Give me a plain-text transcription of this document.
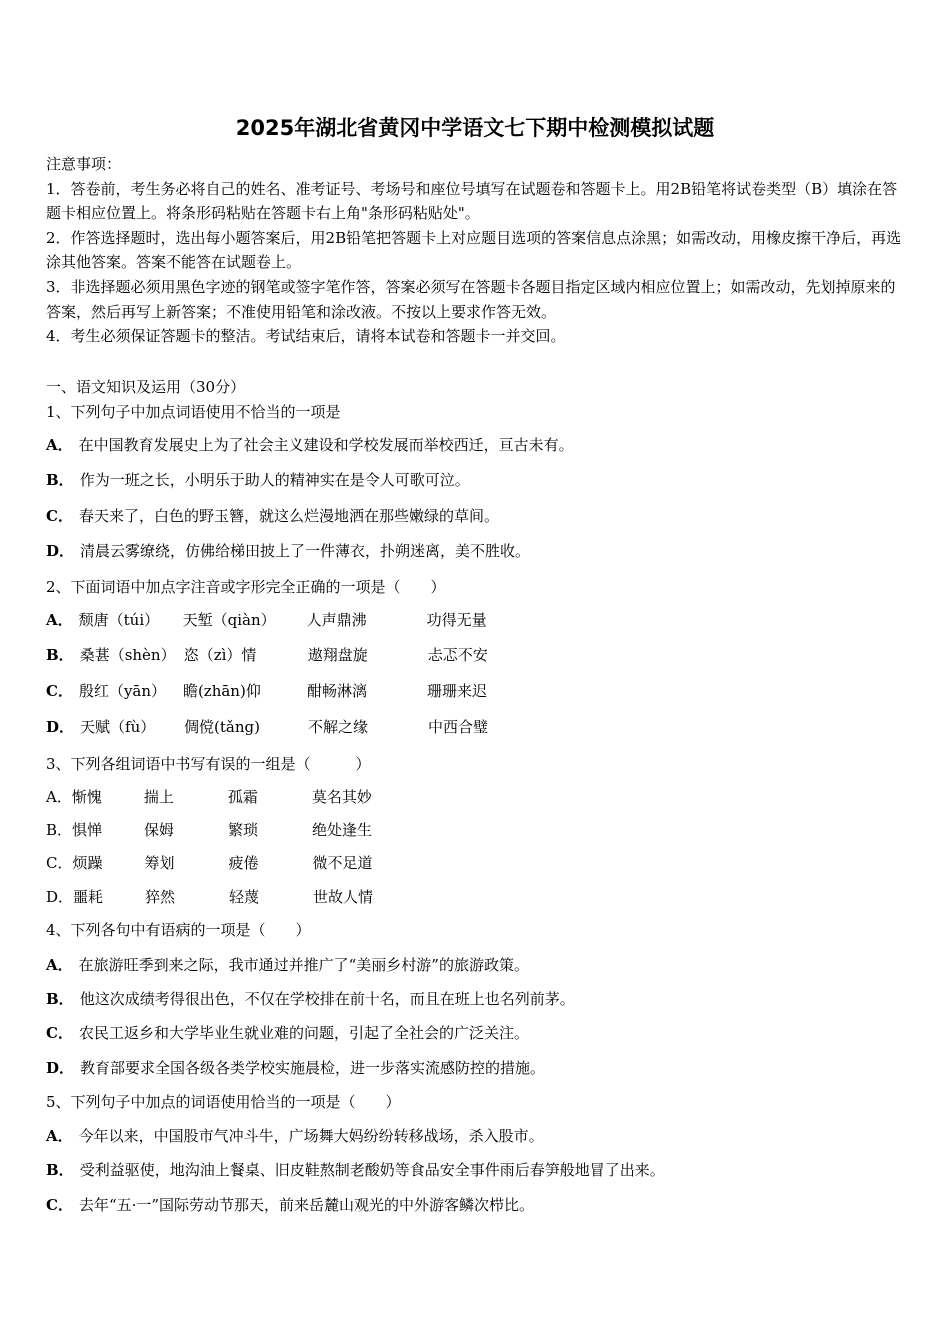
2025年湖北省黄冈中学语文七下期中检测模拟试题

注意事项：

1．答卷前，考生务必将自己的姓名、准考证号、考场号和座位号填写在试题卷和答题卡上。用2B铅笔将试卷类型（B）填涂在答题卡相应位置上。将条形码粘贴在答题卡右上角"条形码粘贴处"。

2．作答选择题时，选出每小题答案后，用2B铅笔把答题卡上对应题目选项的答案信息点涂黑；如需改动，用橡皮擦干净后，再选涂其他答案。答案不能答在试题卷上。

3．非选择题必须用黑色字迹的钢笔或签字笔作答，答案必须写在答题卡各题目指定区域内相应位置上；如需改动，先划掉原来的答案，然后再写上新答案；不准使用铅笔和涂改液。不按以上要求作答无效。

4．考生必须保证答题卡的整洁。考试结束后，请将本试卷和答题卡一并交回。

一、语文知识及运用（30分）
1、下列句子中加点词语使用不恰当的一项是
A． 在中国教育发展史上为了社会主义建设和学校发展而举校西迁，亘古未有。
B． 作为一班之长，小明乐于助人的精神实在是令人可歌可泣。
C． 春天来了，白色的野玉簪，就这么烂漫地洒在那些嫩绿的草间。
D． 清晨云雾缭绕，仿佛给梯田披上了一件薄衣，扑朔迷离，美不胜收。
2、下面词语中加点字注音或字形完全正确的一项是（　　）
A． 颓唐（túi） 天堑（qiàn） 人声鼎沸	功得无量
B． 桑葚（shèn） 恣（zì）情	遨翔盘旋	忐忑不安
C． 殷红（yān） 瞻(zhān)仰	酣畅淋漓	珊珊来迟
D． 天赋（fù） 倜傥(tǎng)	不解之缘	中西合璧
3、下列各组词语中书写有误的一组是（　　　）
A．惭愧	揣上	孤霜	莫名其妙
B．惧惮	保姆	繁琐	绝处逢生
C．烦躁	筹划	疲倦	微不足道
D．噩耗	猝然	轻蔑	世故人情
4、下列各句中有语病的一项是（　　）
A． 在旅游旺季到来之际，我市通过并推广了“美丽乡村游”的旅游政策。
B． 他这次成绩考得很出色，不仅在学校排在前十名，而且在班上也名列前茅。
C． 农民工返乡和大学毕业生就业难的问题，引起了全社会的广泛关注。
D． 教育部要求全国各级各类学校实施晨检，进一步落实流感防控的措施。
5、下列句子中加点的词语使用恰当的一项是（　　）
A． 今年以来，中国股市气冲斗牛，广场舞大妈纷纷转移战场，杀入股市。
B． 受利益驱使，地沟油上餐桌、旧皮鞋熬制老酸奶等食品安全事件雨后春笋般地冒了出来。
C． 去年“五·一”国际劳动节那天，前来岳麓山观光的中外游客鳞次栉比。
